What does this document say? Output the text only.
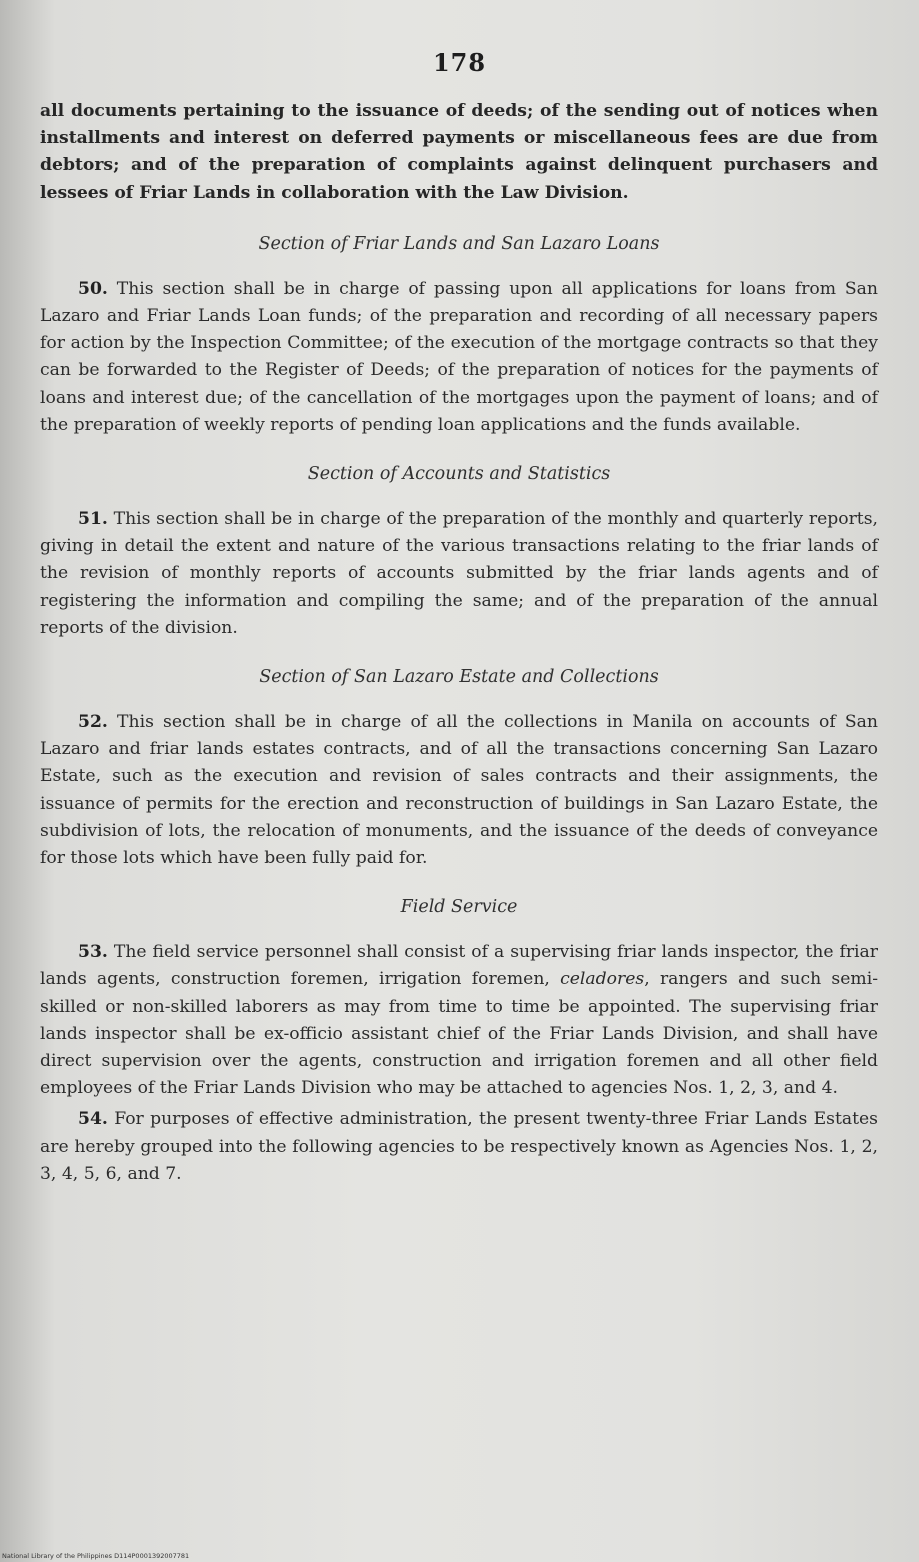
178

all documents pertaining to the issuance of deeds; of the sending out of notices when installments and interest on deferred payments or miscellaneous fees are due from debtors; and of the preparation of complaints against delinquent purchasers and lessees of Friar Lands in collaboration with the Law Division.

Section of Friar Lands and San Lazaro Loans

50. This section shall be in charge of passing upon all applications for loans from San Lazaro and Friar Lands Loan funds; of the preparation and recording of all necessary papers for action by the Inspection Committee; of the execution of the mortgage contracts so that they can be forwarded to the Register of Deeds; of the preparation of notices for the payments of loans and interest due; of the cancellation of the mortgages upon the payment of loans; and of the preparation of weekly reports of pending loan applications and the funds available.

Section of Accounts and Statistics

51. This section shall be in charge of the preparation of the monthly and quarterly reports, giving in detail the extent and nature of the various transactions relating to the friar lands of the revision of monthly reports of accounts submitted by the friar lands agents and of registering the information and compiling the same; and of the preparation of the annual reports of the division.

Section of San Lazaro Estate and Collections

52. This section shall be in charge of all the collections in Manila on accounts of San Lazaro and friar lands estates contracts, and of all the transactions concerning San Lazaro Estate, such as the execution and revision of sales contracts and their assignments, the issuance of permits for the erection and reconstruction of buildings in San Lazaro Estate, the subdivision of lots, the relocation of monuments, and the issuance of the deeds of conveyance for those lots which have been fully paid for.

Field Service

53. The field service personnel shall consist of a supervising friar lands inspector, the friar lands agents, construction foremen, irrigation foremen, celadores, rangers and such semi-skilled or non-skilled laborers as may from time to time be appointed. The supervising friar lands inspector shall be ex-officio assistant chief of the Friar Lands Division, and shall have direct supervision over the agents, construction and irrigation foremen and all other field employees of the Friar Lands Division who may be attached to agencies Nos. 1, 2, 3, and 4.

54. For purposes of effective administration, the present twenty-three Friar Lands Estates are hereby grouped into the following agencies to be respectively known as Agencies Nos. 1, 2, 3, 4, 5, 6, and 7.

National Library of the Philippines D114P0001392007781
